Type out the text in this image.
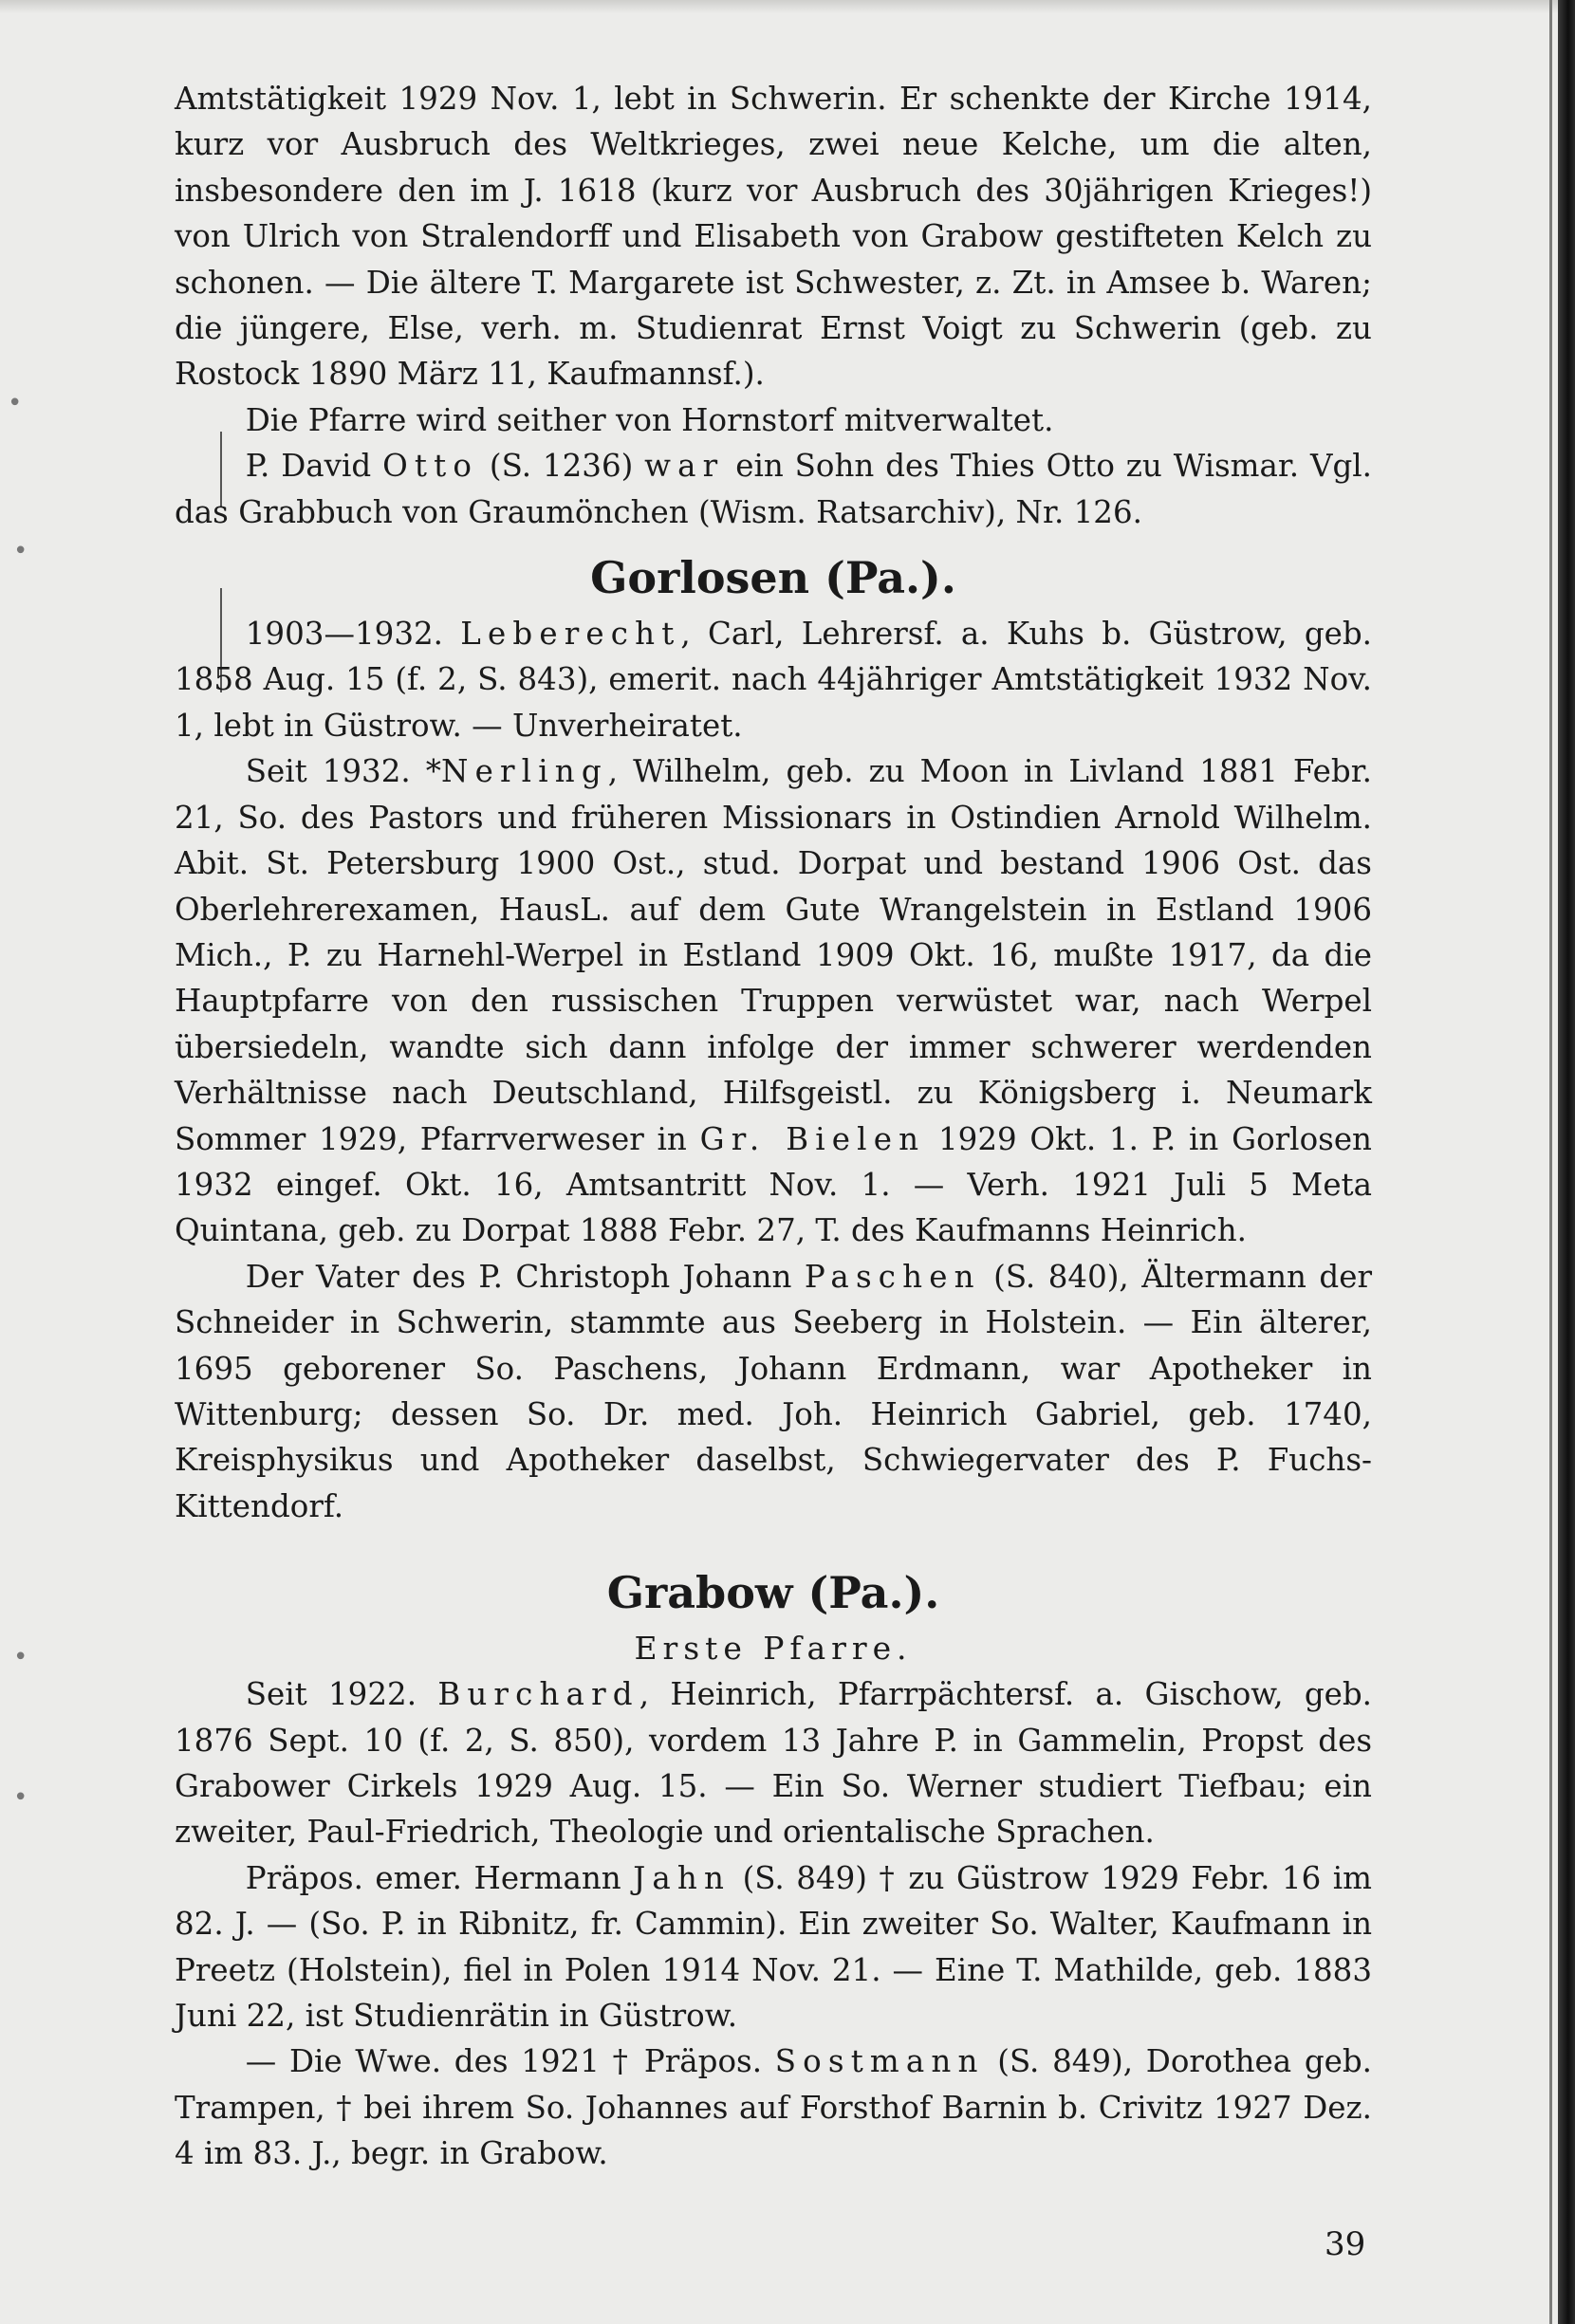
•
•
•
•

Amtstätigkeit 1929 Nov. 1, lebt in Schwerin. Er schenkte der Kirche 1914, kurz vor Ausbruch des Weltkrieges, zwei neue Kelche, um die alten, insbesondere den im J. 1618 (kurz vor Ausbruch des 30jährigen Krieges!) von Ulrich von Stralendorff und Elisabeth von Grabow gestifteten Kelch zu schonen. — Die ältere T. Margarete ist Schwester, z. Zt. in Amsee b. Waren; die jüngere, Else, verh. m. Studienrat Ernst Voigt zu Schwerin (geb. zu Rostock 1890 März 11, Kaufmannsf.).

Die Pfarre wird seither von Hornstorf mitverwaltet.

P. David Otto (S. 1236) war ein Sohn des Thies Otto zu Wismar. Vgl. das Grabbuch von Graumönchen (Wism. Ratsarchiv), Nr. 126.

Gorlosen (Pa.).

1903—1932. Leberecht, Carl, Lehrersf. a. Kuhs b. Güstrow, geb. 1858 Aug. 15 (f. 2, S. 843), emerit. nach 44jähriger Amtstätigkeit 1932 Nov. 1, lebt in Güstrow. — Unverheiratet.

Seit 1932. *Nerling, Wilhelm, geb. zu Moon in Livland 1881 Febr. 21, So. des Pastors und früheren Missionars in Ostindien Arnold Wilhelm. Abit. St. Petersburg 1900 Ost., stud. Dorpat und bestand 1906 Ost. das Oberlehrerexamen, HausL. auf dem Gute Wrangelstein in Estland 1906 Mich., P. zu Harnehl-Werpel in Estland 1909 Okt. 16, mußte 1917, da die Hauptpfarre von den russischen Truppen verwüstet war, nach Werpel übersiedeln, wandte sich dann infolge der immer schwerer werdenden Verhältnisse nach Deutschland, Hilfsgeistl. zu Königsberg i. Neumark Sommer 1929, Pfarrverweser in Gr. Bielen 1929 Okt. 1. P. in Gorlosen 1932 eingef. Okt. 16, Amtsantritt Nov. 1. — Verh. 1921 Juli 5 Meta Quintana, geb. zu Dorpat 1888 Febr. 27, T. des Kaufmanns Heinrich.

Der Vater des P. Christoph Johann Paschen (S. 840), Ältermann der Schneider in Schwerin, stammte aus Seeberg in Holstein. — Ein älterer, 1695 geborener So. Paschens, Johann Erdmann, war Apotheker in Wittenburg; dessen So. Dr. med. Joh. Heinrich Gabriel, geb. 1740, Kreisphysikus und Apotheker daselbst, Schwiegervater des P. Fuchs-Kittendorf.

Grabow (Pa.).
Erste Pfarre.

Seit 1922. Burchard, Heinrich, Pfarrpächtersf. a. Gischow, geb. 1876 Sept. 10 (f. 2, S. 850), vordem 13 Jahre P. in Gammelin, Propst des Grabower Cirkels 1929 Aug. 15. — Ein So. Werner studiert Tiefbau; ein zweiter, Paul-Friedrich, Theologie und orientalische Sprachen.

Präpos. emer. Hermann Jahn (S. 849) † zu Güstrow 1929 Febr. 16 im 82. J. — (So. P. in Ribnitz, fr. Cammin). Ein zweiter So. Walter, Kaufmann in Preetz (Holstein), fiel in Polen 1914 Nov. 21. — Eine T. Mathilde, geb. 1883 Juni 22, ist Studienrätin in Güstrow.

— Die Wwe. des 1921 † Präpos. Sostmann (S. 849), Dorothea geb. Trampen, † bei ihrem So. Johannes auf Forsthof Barnin b. Crivitz 1927 Dez. 4 im 83. J., begr. in Grabow.

39
